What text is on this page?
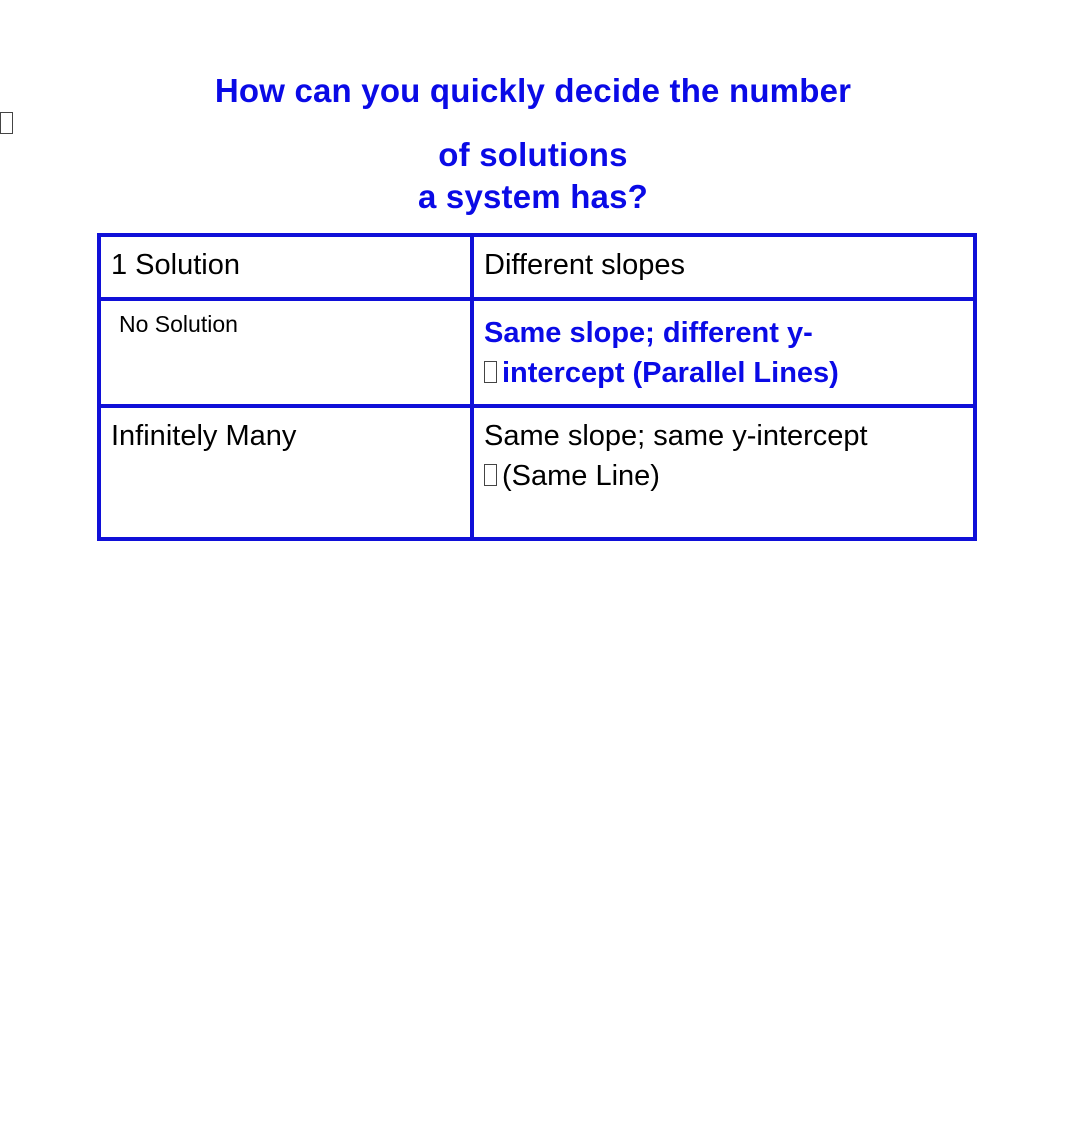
How can you quickly decide the number
of solutions
a system has?
1 Solution	Different slopes

No Solution	Same slope; different y-
intercept (Parallel Lines)

Infinitely Many	Same slope; same y-intercept
(Same Line)
